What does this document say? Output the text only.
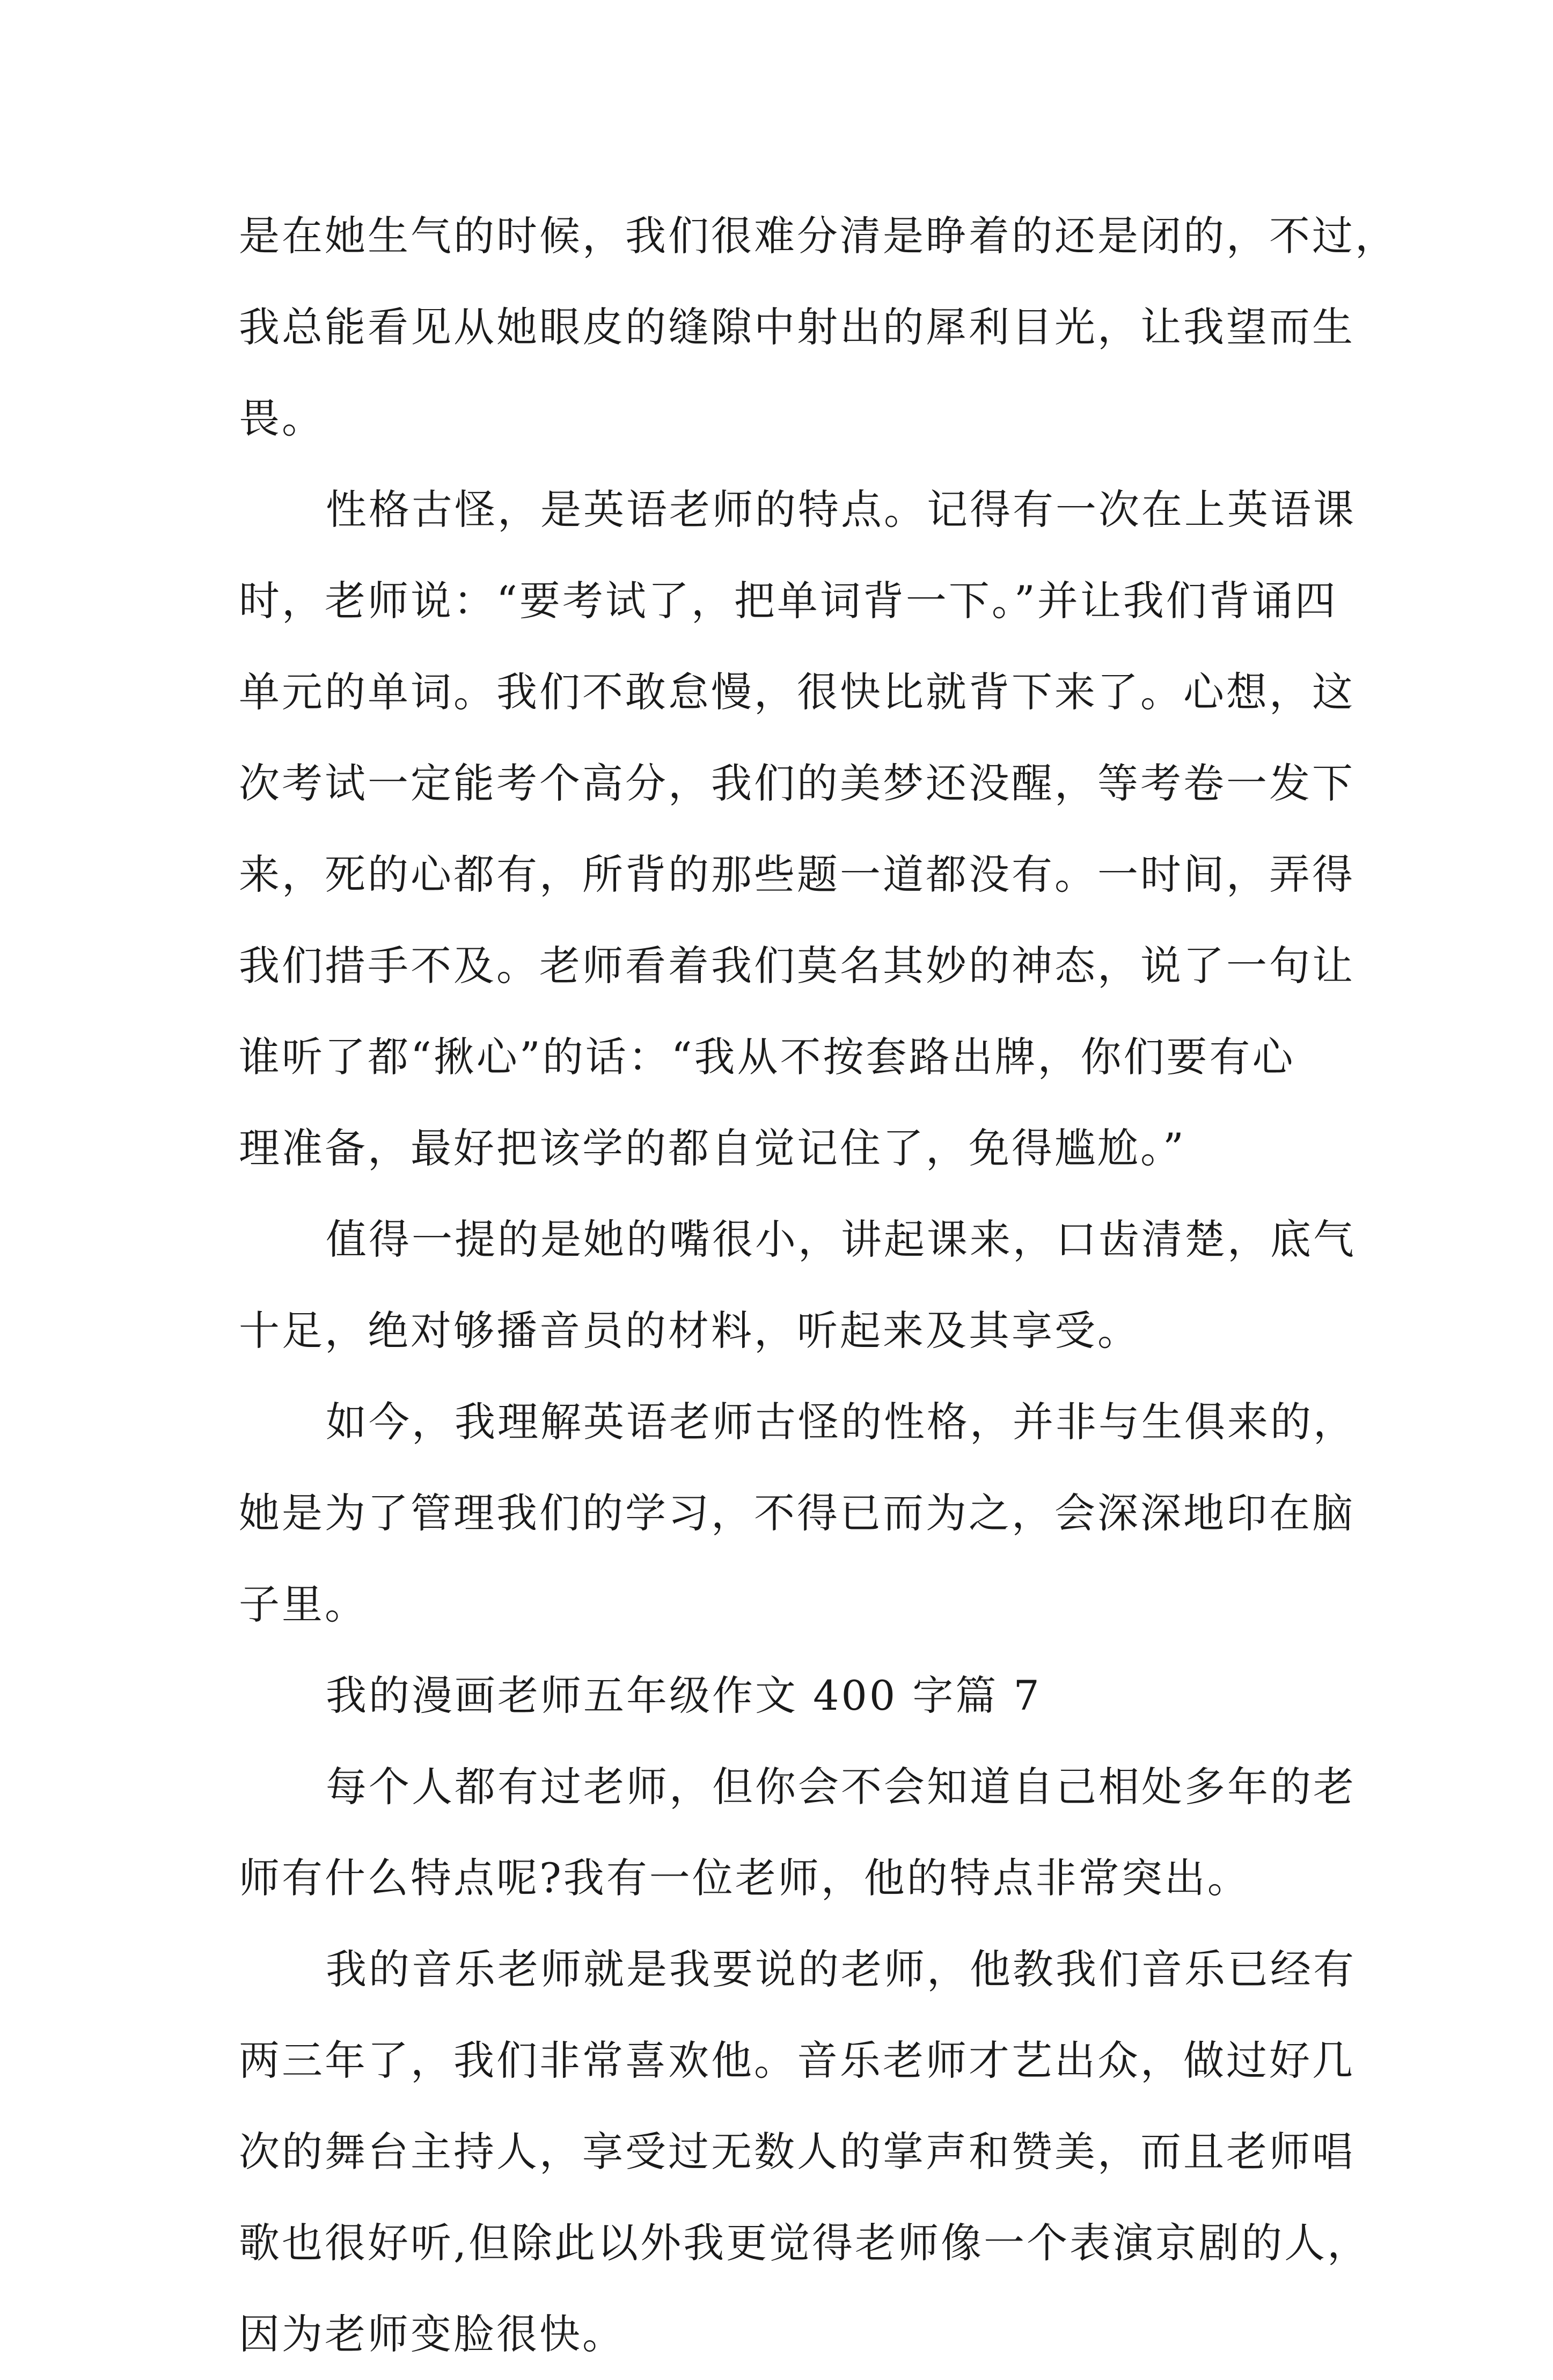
是在她生气的时候，我们很难分清是睁着的还是闭的，不过，
我总能看见从她眼皮的缝隙中射出的犀利目光，让我望而生
畏。
性格古怪，是英语老师的特点。记得有一次在上英语课
时，老师说：“要考试了，把单词背一下。”并让我们背诵四
单元的单词。我们不敢怠慢，很快比就背下来了。心想，这
次考试一定能考个高分，我们的美梦还没醒，等考卷一发下
来，死的心都有，所背的那些题一道都没有。一时间，弄得
我们措手不及。老师看着我们莫名其妙的神态，说了一句让
谁听了都“揪心”的话：“我从不按套路出牌，你们要有心
理准备，最好把该学的都自觉记住了，免得尴尬。”
值得一提的是她的嘴很小，讲起课来，口齿清楚，底气
十足，绝对够播音员的材料，听起来及其享受。
如今，我理解英语老师古怪的性格，并非与生俱来的，
她是为了管理我们的学习，不得已而为之，会深深地印在脑
子里。
我的漫画老师五年级作文 400 字篇 7
每个人都有过老师，但你会不会知道自己相处多年的老
师有什么特点呢?我有一位老师，他的特点非常突出。
我的音乐老师就是我要说的老师，他教我们音乐已经有
两三年了，我们非常喜欢他。音乐老师才艺出众，做过好几
次的舞台主持人，享受过无数人的掌声和赞美，而且老师唱
歌也很好听,但除此以外我更觉得老师像一个表演京剧的人，
因为老师变脸很快。
